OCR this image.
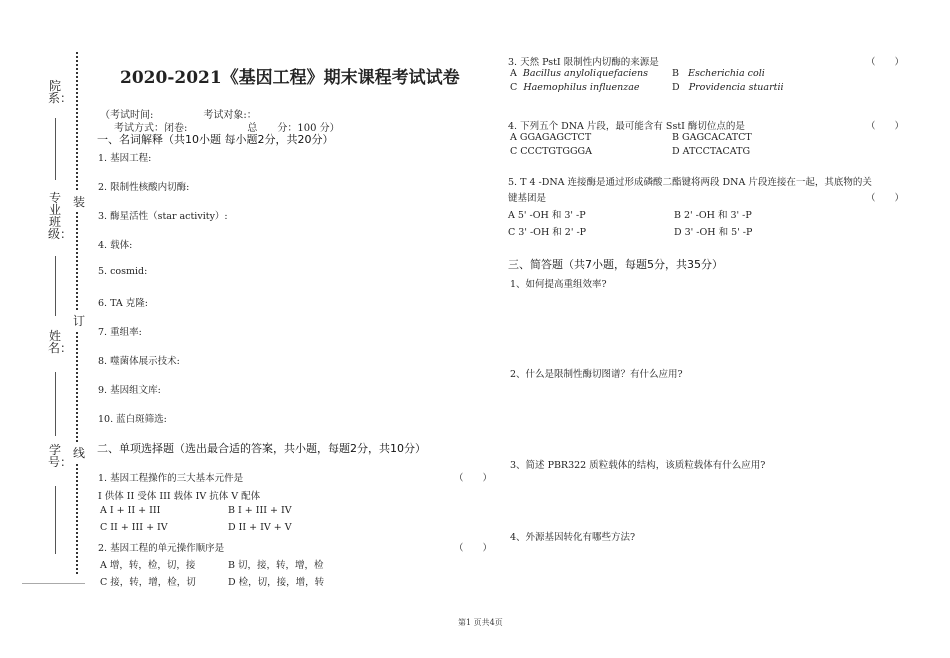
院系：
专业班级：
姓名：
学号：
装
订
线
2020-2021《基因工程》期末课程考试试卷
（考试时间:　　　　　考试对象:：
　考试方式：闭卷:　　　　　　总　　分：100 分）
一、名词解释（共10小题 每小题2分，共20分）
1. 基因工程:
2. 限制性核酸内切酶:
3. 酶星活性（star activity）:
4. 载体:
5. cosmid:
6. TA 克隆:
7. 重组率:
8. 噬菌体展示技术:
9. 基因组文库:
10. 蓝白斑筛选:
二、单项选择题（选出最合适的答案，共小题，每题2分，共10分）
1. 基因工程操作的三大基本元件是	（　　）
I 供体 II 受体 III 载体 IV 抗体 V 配体
A I + II + III	B I + III + IV
C II + III + IV	D II + IV + V
2. 基因工程的单元操作顺序是	（　　）
A 增，转，检，切，接	B 切，接，转，增，检
C 接，转，增，检，切	D 检，切，接，增，转
3. 天然 PstI 限制性内切酶的来源是	（　　）
A Bacillus anyloliquefaciens	B Escherichia coli
C Haemophilus influenzae	D Providencia stuartii
4. 下列五个 DNA 片段，最可能含有 SstI 酶切位点的是	（　　）
A GGAGAGCTCT	B GAGCACATCT
C CCCTGTGGGA	D ATCCTACATG
5. T 4 -DNA 连接酶是通过形成磷酸二酯键将两段 DNA 片段连接在一起，其底物的关
键基团是	（　　）
A 5' -OH 和 3' -P	B 2' -OH 和 3' -P
C 3' -OH 和 2' -P	D 3' -OH 和 5' -P
三、简答题（共7小题，每题5分，共35分）
1、如何提高重组效率?
2、什么是限制性酶切图谱？有什么应用?
3、简述 PBR322 质粒载体的结构，该质粒载体有什么应用?
4、外源基因转化有哪些方法?
第1 页共4页
